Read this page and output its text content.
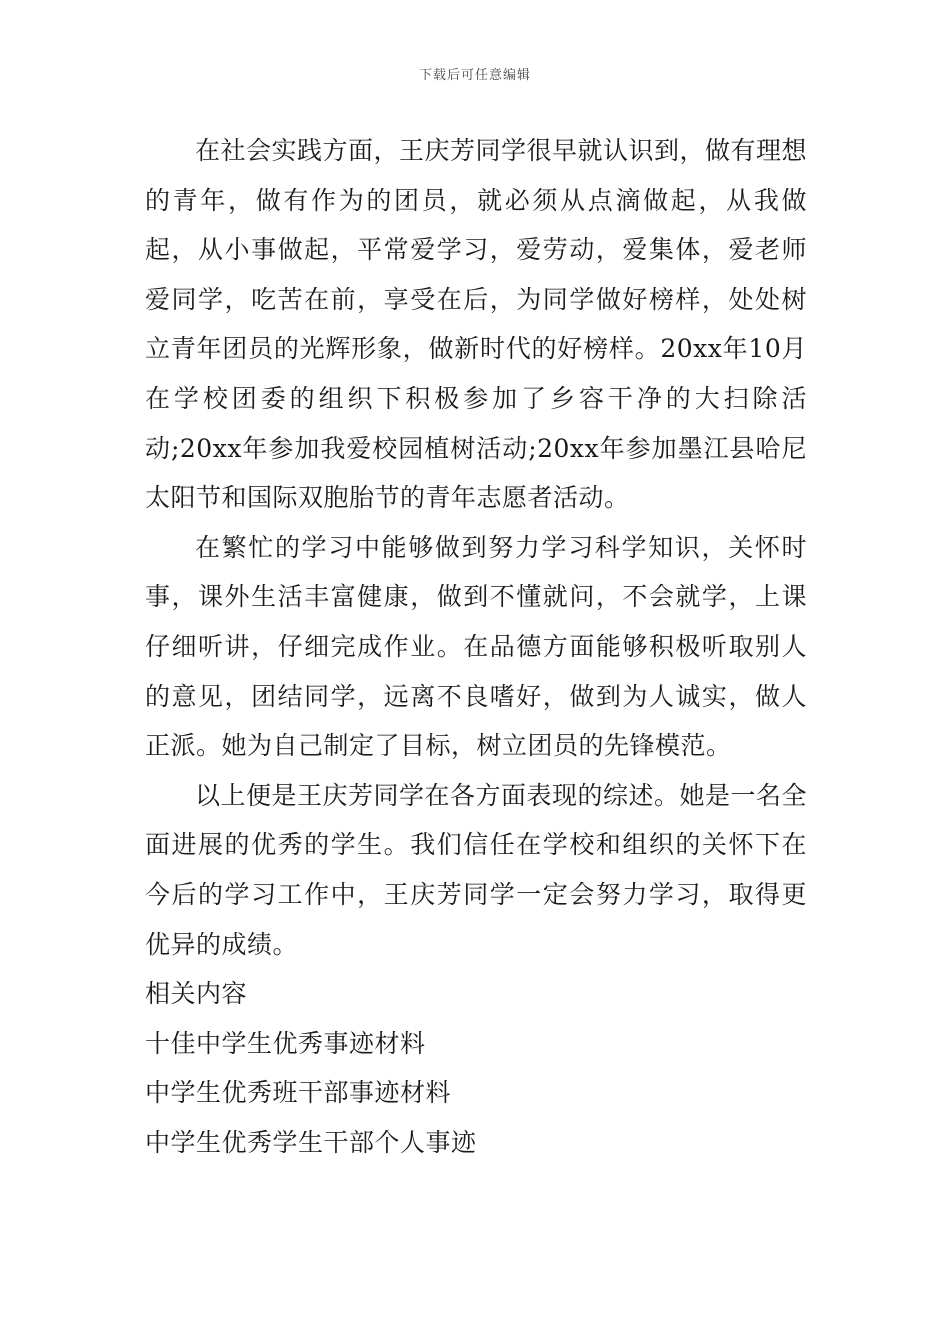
下载后可任意编辑

在社会实践方面，王庆芳同学很早就认识到，做有理想的青年，做有作为的团员，就必须从点滴做起，从我做起，从小事做起，平常爱学习，爱劳动，爱集体，爱老师爱同学，吃苦在前，享受在后，为同学做好榜样，处处树立青年团员的光辉形象，做新时代的好榜样。20xx年10月在学校团委的组织下积极参加了乡容干净的大扫除活动;20xx年参加我爱校园植树活动;20xx年参加墨江县哈尼太阳节和国际双胞胎节的青年志愿者活动。

在繁忙的学习中能够做到努力学习科学知识，关怀时事，课外生活丰富健康，做到不懂就问，不会就学，上课仔细听讲，仔细完成作业。在品德方面能够积极听取别人的意见，团结同学，远离不良嗜好，做到为人诚实，做人正派。她为自己制定了目标，树立团员的先锋模范。

以上便是王庆芳同学在各方面表现的综述。她是一名全面进展的优秀的学生。我们信任在学校和组织的关怀下在今后的学习工作中，王庆芳同学一定会努力学习，取得更优异的成绩。

相关内容

十佳中学生优秀事迹材料
中学生优秀班干部事迹材料
中学生优秀学生干部个人事迹
